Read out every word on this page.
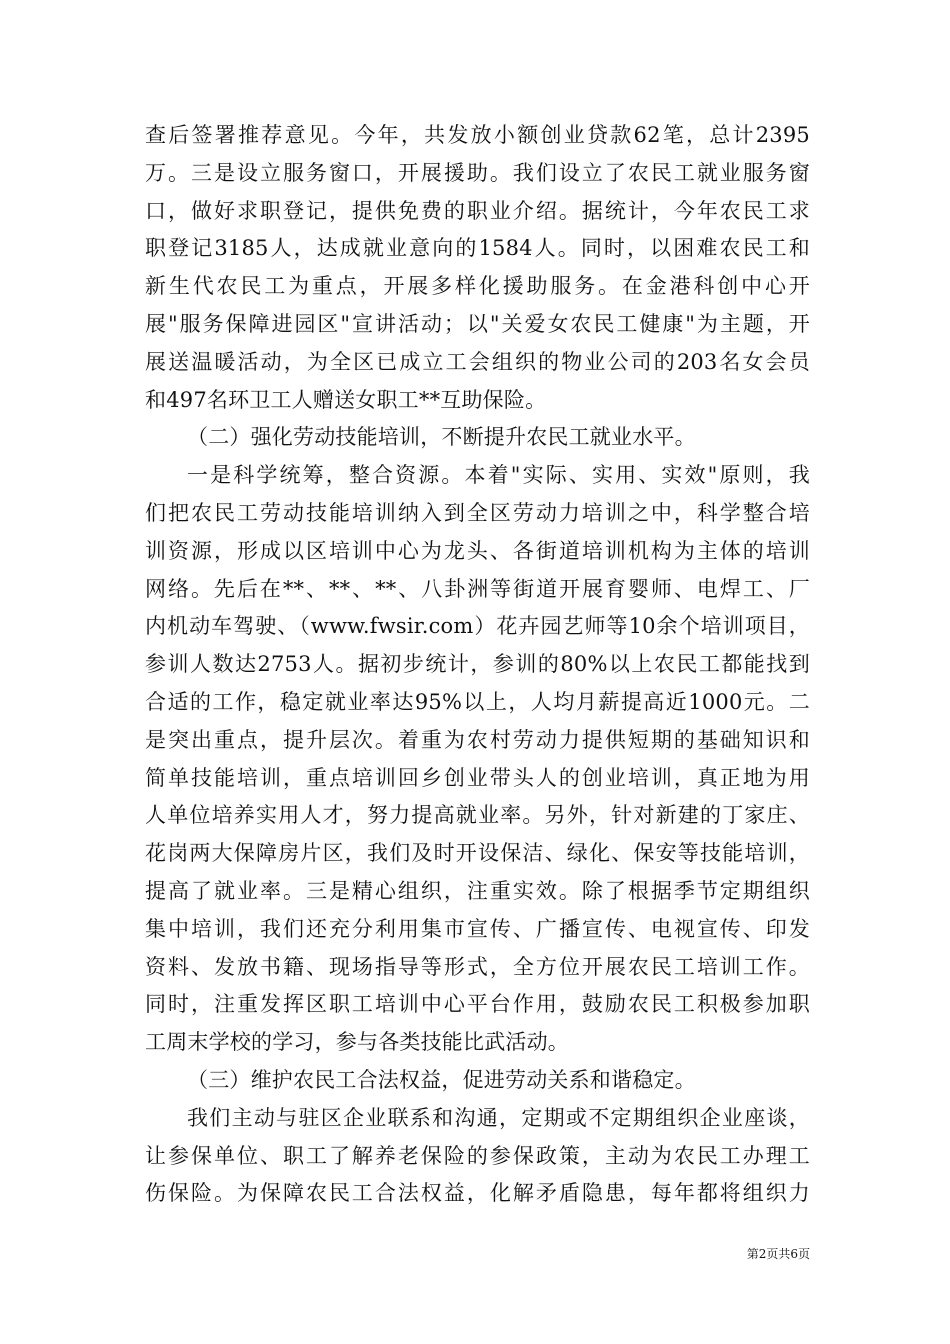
查后签署推荐意见。今年，共发放小额创业贷款62笔，总计2395
万。三是设立服务窗口，开展援助。我们设立了农民工就业服务窗
口，做好求职登记，提供免费的职业介绍。据统计，今年农民工求
职登记3185人，达成就业意向的1584人。同时，以困难农民工和
新生代农民工为重点，开展多样化援助服务。在金港科创中心开
展"服务保障进园区"宣讲活动；以"关爱女农民工健康"为主题，开
展送温暖活动，为全区已成立工会组织的物业公司的203名女会员
和497名环卫工人赠送女职工**互助保险。
（二）强化劳动技能培训，不断提升农民工就业水平。
一是科学统筹，整合资源。本着"实际、实用、实效"原则，我
们把农民工劳动技能培训纳入到全区劳动力培训之中，科学整合培
训资源，形成以区培训中心为龙头、各街道培训机构为主体的培训
网络。先后在**、**、**、八卦洲等街道开展育婴师、电焊工、厂
内机动车驾驶、（www.fwsir.com）花卉园艺师等10余个培训项目，
参训人数达2753人。据初步统计，参训的80%以上农民工都能找到
合适的工作，稳定就业率达95%以上，人均月薪提高近1000元。二
是突出重点，提升层次。着重为农村劳动力提供短期的基础知识和
简单技能培训，重点培训回乡创业带头人的创业培训，真正地为用
人单位培养实用人才，努力提高就业率。另外，针对新建的丁家庄、
花岗两大保障房片区，我们及时开设保洁、绿化、保安等技能培训，
提高了就业率。三是精心组织，注重实效。除了根据季节定期组织
集中培训，我们还充分利用集市宣传、广播宣传、电视宣传、印发
资料、发放书籍、现场指导等形式，全方位开展农民工培训工作。
同时，注重发挥区职工培训中心平台作用，鼓励农民工积极参加职
工周末学校的学习，参与各类技能比武活动。
（三）维护农民工合法权益，促进劳动关系和谐稳定。
我们主动与驻区企业联系和沟通，定期或不定期组织企业座谈，
让参保单位、职工了解养老保险的参保政策，主动为农民工办理工
伤保险。为保障农民工合法权益，化解矛盾隐患，每年都将组织力
第2页共6页
